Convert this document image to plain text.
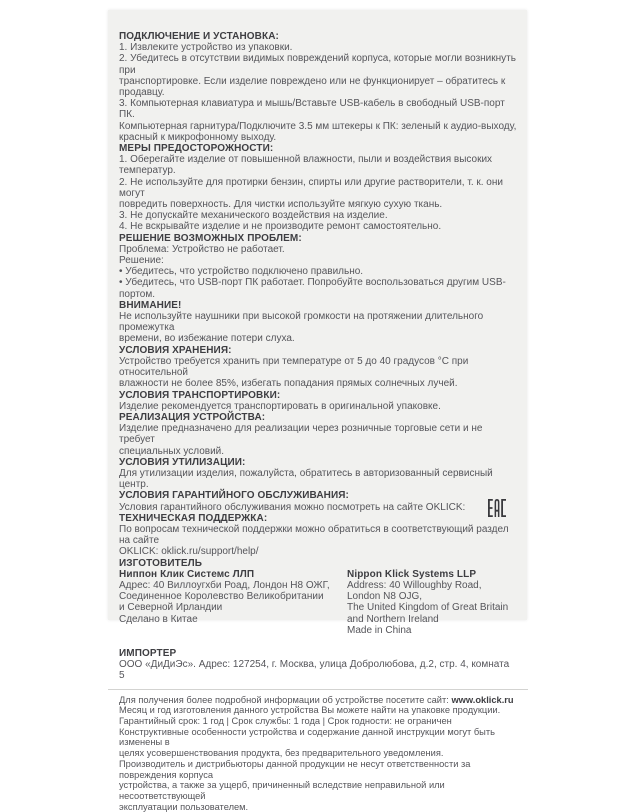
ПОДКЛЮЧЕНИЕ И УСТАНОВКА:
1. Извлеките устройство из упаковки.
2. Убедитесь в отсутствии видимых повреждений корпуса, которые могли возникнуть при
транспортировке. Если изделие повреждено или не функционирует – обратитесь к продавцу.
3. Компьютерная клавиатура и мышь/Вставьте USB-кабель в свободный USB-порт ПК.
Компьютерная гарнитура/Подключите 3.5 мм штекеры к ПК: зеленый к аудио-выходу,
красный к микрофонному выходу.
МЕРЫ ПРЕДОСТОРОЖНОСТИ:
1. Оберегайте изделие от повышенной влажности, пыли и воздействия высоких температур.
2. Не используйте для протирки бензин, спирты или другие растворители, т. к. они могут
повредить поверхность. Для чистки используйте мягкую сухую ткань.
3. Не допускайте механического воздействия на изделие.
4. Не вскрывайте изделие и не производите ремонт самостоятельно.
РЕШЕНИЕ ВОЗМОЖНЫХ ПРОБЛЕМ:
Проблема: Устройство не работает.
Решение:
• Убедитесь, что устройство подключено правильно.
• Убедитесь, что USB-порт ПК работает. Попробуйте воспользоваться другим USB-портом.
ВНИМАНИЕ!
Не используйте наушники при высокой громкости на протяжении длительного промежутка
времени, во избежание потери слуха.
УСЛОВИЯ ХРАНЕНИЯ:
Устройство требуется хранить при температуре от 5 до 40 градусов °C при относительной
влажности не более 85%, избегать попадания прямых солнечных лучей.
УСЛОВИЯ ТРАНСПОРТИРОВКИ:
Изделие рекомендуется транспортировать в оригинальной упаковке.
РЕАЛИЗАЦИЯ УСТРОЙСТВА:
Изделие предназначено для реализации через розничные торговые сети и не требует
специальных условий.
УСЛОВИЯ УТИЛИЗАЦИИ:
Для утилизации изделия, пожалуйста, обратитесь в авторизованный сервисный центр.
УСЛОВИЯ ГАРАНТИЙНОГО ОБСЛУЖИВАНИЯ:
Условия гарантийного обслуживания можно посмотреть на сайте OKLICK:
ТЕХНИЧЕСКАЯ ПОДДЕРЖКА:
По вопросам технической поддержки можно обратиться в соответствующий раздел на сайте
OKLICK: oklick.ru/support/help/
ИЗГОТОВИТЕЛЬ
Ниппон Клик Системс ЛЛП
Адрес: 40 Виллоугхби Роад, Лондон Н8 ОЖГ,
Соединенное Королевство Великобритании
и Северной Ирландии
Сделано в Китае
Nippon Klick Systems LLP
Address: 40 Willoughby Road, London N8 OJG,
The United Kingdom of Great Britain
and Northern Ireland
Made in China
ИМПОРТЕР
ООО «ДиДиЭс». Адрес: 127254, г. Москва, улица Добролюбова, д.2, стр. 4, комната 5
Для получения более подробной информации об устройстве посетите сайт: www.oklick.ru
Месяц и год изготовления данного устройства Вы можете найти на упаковке продукции.
Гарантийный срок: 1 год | Срок службы: 1 года | Срок годности: не ограничен
Конструктивные особенности устройства и содержание данной инструкции могут быть изменены в
целях усовершенствования продукта, без предварительного уведомления.
Производитель и дистрибьюторы данной продукции не несут ответственности за повреждения корпуса
устройства, а также за ущерб, причиненный вследствие неправильной или несоответствующей
эксплуатации пользователем.
